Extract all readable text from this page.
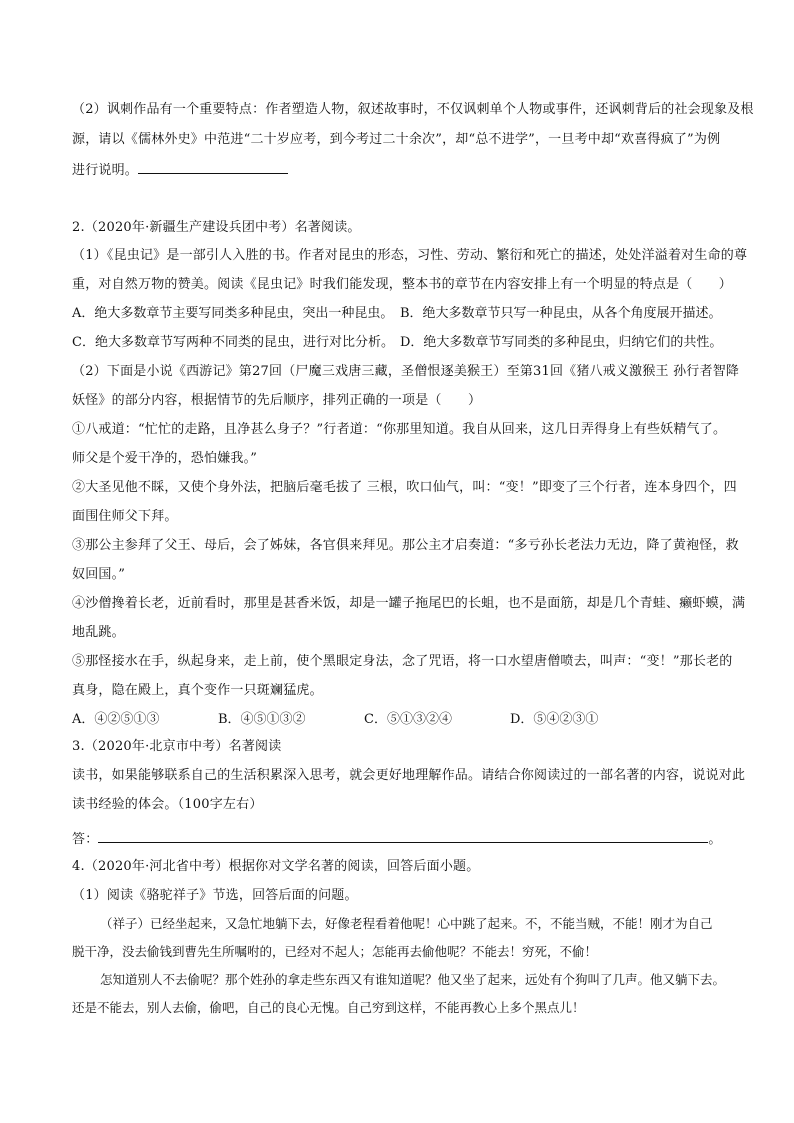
（2）讽刺作品有一个重要特点：作者塑造人物，叙述故事时，不仅讽刺单个人物或事件，还讽刺背后的社会现象及根
源，请以《儒林外史》中范进“二十岁应考，到今考过二十余次”，却“总不进学”，一旦考中却“欢喜得疯了”为例
进行说明。
2.（2020年·新疆生产建设兵团中考）名著阅读。
（1）《昆虫记》是一部引人入胜的书。作者对昆虫的形态，习性、劳动、繁衍和死亡的描述，处处洋溢着对生命的尊
重，对自然万物的赞美。阅读《昆虫记》时我们能发现，整本书的章节在内容安排上有一个明显的特点是（　　）
A．绝大多数章节主要写同类多种昆虫，突出一种昆虫。 B．绝大多数章节只写一种昆虫，从各个角度展开描述。
C．绝大多数章节写两种不同类的昆虫，进行对比分析。 D．绝大多数章节写同类的多种昆虫，归纳它们的共性。
（2）下面是小说《西游记》第27回（尸魔三戏唐三藏，圣僧恨逐美猴王）至第31回《猪八戒义激猴王 孙行者智降
妖怪》的部分内容，根据情节的先后顺序，排列正确的一项是（　　）
①八戒道：“忙忙的走路，且净甚么身子？”行者道：“你那里知道。我自从回来，这几日弄得身上有些妖精气了。
师父是个爱干净的，恐怕嫌我。”
②大圣见他不睬，又使个身外法，把脑后毫毛拔了 三根，吹口仙气，叫：“变！”即变了三个行者，连本身四个，四
面围住师父下拜。
③那公主参拜了父王、母后，会了姊妹，各官俱来拜见。那公主才启奏道：“多亏孙长老法力无边，降了黄袍怪，救
奴回国。”
④沙僧搀着长老，近前看时，那里是甚香米饭，却是一罐子拖尾巴的长蛆，也不是面筋，却是几个青蛙、癞虾蟆，满
地乱跳。
⑤那怪接水在手，纵起身来，走上前，使个黑眼定身法，念了咒语，将一口水望唐僧喷去，叫声：“变！”那长老的
真身，隐在殿上，真个变作一只斑斓猛虎。
A．④②⑤①③	B．④⑤①③②	C．⑤①③②④	D．⑤④②③①
3.（2020年·北京市中考）名著阅读
读书，如果能够联系自己的生活积累深入思考，就会更好地理解作品。请结合你阅读过的一部名著的内容，说说对此
读书经验的体会。（100字左右）
答：	。
4.（2020年·河北省中考）根据你对文学名著的阅读，回答后面小题。
（1）阅读《骆驼祥子》节选，回答后面的问题。
（祥子）已经坐起来，又急忙地躺下去，好像老程看着他呢！心中跳了起来。不，不能当贼，不能！刚才为自己
脱干净，没去偷钱到曹先生所嘱咐的，已经对不起人；怎能再去偷他呢？不能去！穷死，不偷！
怎知道别人不去偷呢？那个姓孙的拿走些东西又有谁知道呢？他又坐了起来，远处有个狗叫了几声。他又躺下去。
还是不能去，别人去偷，偷吧，自己的良心无愧。自己穷到这样，不能再教心上多个黑点儿！
